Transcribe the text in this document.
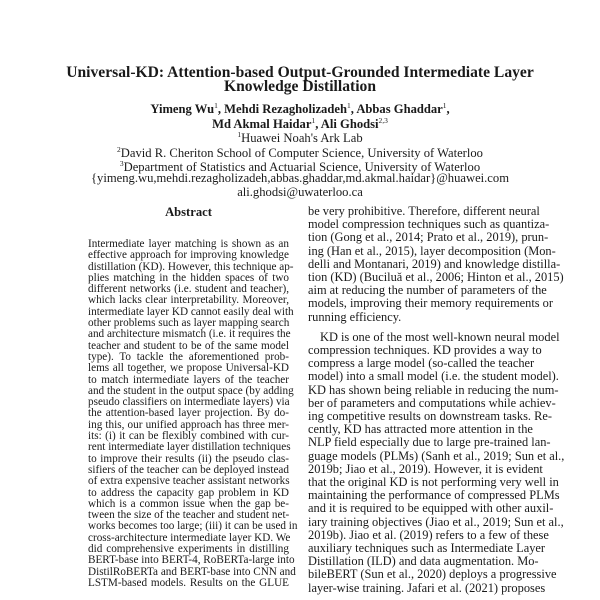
Universal-KD: Attention-based Output-Grounded Intermediate Layer
Knowledge Distillation
Yimeng Wu$^1$, Mehdi Rezagholizadeh$^1$, Abbas Ghaddar$^1$,
Md Akmal Haidar$^1$, Ali Ghodsi$^{2,3}$
$^1$Huawei Noah's Ark Lab
$^2$David R. Cheriton School of Computer Science, University of Waterloo
$^3$Department of Statistics and Actuarial Science, University of Waterloo
{yimeng.wu,mehdi.rezagholizadeh,abbas.ghaddar,md.akmal.haidar}@huawei.com
ali.ghodsi@uwaterloo.ca
Abstract
Intermediate layer matching is shown as an
effective approach for improving knowledge
distillation (KD). However, this technique ap-
plies matching in the hidden spaces of two
different networks (i.e. student and teacher),
which lacks clear interpretability. Moreover,
intermediate layer KD cannot easily deal with
other problems such as layer mapping search
and architecture mismatch (i.e. it requires the
teacher and student to be of the same model
type). To tackle the aforementioned prob-
lems all together, we propose Universal-KD
to match intermediate layers of the teacher
and the student in the output space (by adding
pseudo classifiers on intermediate layers) via
the attention-based layer projection. By do-
ing this, our unified approach has three mer-
its: (i) it can be flexibly combined with cur-
rent intermediate layer distillation techniques
to improve their results (ii) the pseudo clas-
sifiers of the teacher can be deployed instead
of extra expensive teacher assistant networks
to address the capacity gap problem in KD
which is a common issue when the gap be-
tween the size of the teacher and student net-
works becomes too large; (iii) it can be used in
cross-architecture intermediate layer KD. We
did comprehensive experiments in distilling
BERT-base into BERT-4, RoBERTa-large into
DistilRoBERTa and BERT-base into CNN and
LSTM-based models. Results on the GLUE
be very prohibitive. Therefore, different neural
model compression techniques such as quantiza-
tion (Gong et al., 2014; Prato et al., 2019), prun-
ing (Han et al., 2015), layer decomposition (Mon-
delli and Montanari, 2019) and knowledge distilla-
tion (KD) (Buciluǎ et al., 2006; Hinton et al., 2015)
aim at reducing the number of parameters of the
models, improving their memory requirements or
running efficiency.
KD is one of the most well-known neural model
compression techniques. KD provides a way to
compress a large model (so-called the teacher
model) into a small model (i.e. the student model).
KD has shown being reliable in reducing the num-
ber of parameters and computations while achiev-
ing competitive results on downstream tasks. Re-
cently, KD has attracted more attention in the
NLP field especially due to large pre-trained lan-
guage models (PLMs) (Sanh et al., 2019; Sun et al.,
2019b; Jiao et al., 2019). However, it is evident
that the original KD is not performing very well in
maintaining the performance of compressed PLMs
and it is required to be equipped with other auxil-
iary training objectives (Jiao et al., 2019; Sun et al.,
2019b). Jiao et al. (2019) refers to a few of these
auxiliary techniques such as Intermediate Layer
Distillation (ILD) and data augmentation. Mo-
bileBERT (Sun et al., 2020) deploys a progressive
layer-wise training. Jafari et al. (2021) proposes
